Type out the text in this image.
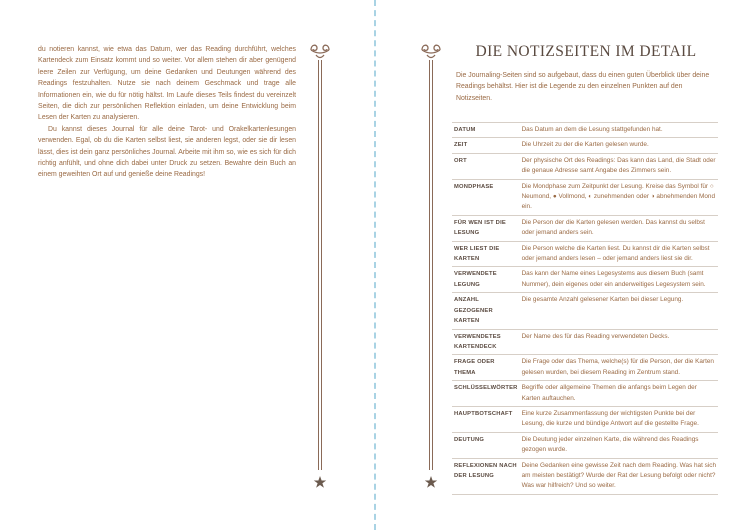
du notieren kannst, wie etwa das Datum, wer das Reading durchführt, welches Kartendeck zum Einsatz kommt und so weiter. Vor allem stehen dir aber genügend leere Zeilen zur Verfügung, um deine Gedanken und Deutungen während des Readings festzuhalten. Nutze sie nach deinem Geschmack und trage alle Informationen ein, wie du für nötig hältst. Im Laufe dieses Teils findest du vereinzelt Seiten, die dich zur persönlichen Reflektion einladen, um deine Entwicklung beim Lesen der Karten zu analysieren.

Du kannst dieses Journal für alle deine Tarot- und Orakelkartenlesungen verwenden. Egal, ob du die Karten selbst liest, sie anderen legst, oder sie dir lesen lässt, dies ist dein ganz persönliches Journal. Arbeite mit ihm so, wie es sich für dich richtig anfühlt, und ohne dich dabei unter Druck zu setzen. Bewahre dein Buch an einem geweihten Ort auf und genieße deine Readings!

DIE NOTIZSEITEN IM DETAIL
Die Journaling-Seiten sind so aufgebaut, dass du einen guten Überblick über deine Readings behältst. Hier ist die Legende zu den einzelnen Punkten auf den Notizseiten.
DATUM	Das Datum an dem die Lesung stattgefunden hat.
ZEIT	Die Uhrzeit zu der die Karten gelesen wurde.
ORT	Der physische Ort des Readings: Das kann das Land, die Stadt oder die genaue Adresse samt Angabe des Zimmers sein.
MONDPHASE	Die Mondphase zum Zeitpunkt der Lesung. Kreise das Symbol für ○ Neumond, ● Vollmond, ◐ zunehmenden oder ◑ abnehmenden Mond ein.
FÜR WEN IST DIE LESUNG	Die Person der die Karten gelesen werden. Das kannst du selbst oder jemand anders sein.
WER LIEST DIE KARTEN	Die Person welche die Karten liest. Du kannst dir die Karten selbst oder jemand anders lesen – oder jemand anders liest sie dir.
VERWENDETE LEGUNG	Das kann der Name eines Legesystems aus diesem Buch (samt Nummer), dein eigenes oder ein anderweitiges Legesystem sein.
ANZAHL GEZOGENER KARTEN	Die gesamte Anzahl gelesener Karten bei dieser Legung.
VERWENDETES KARTENDECK	Der Name des für das Reading verwendeten Decks.
FRAGE ODER THEMA	Die Frage oder das Thema, welche(s) für die Person, der die Karten gelesen wurden, bei diesem Reading im Zentrum stand.
SCHLÜSSELWÖRTER	Begriffe oder allgemeine Themen die anfangs beim Legen der Karten auftauchen.
HAUPTBOTSCHAFT	Eine kurze Zusammenfassung der wichtigsten Punkte bei der Lesung, die kurze und bündige Antwort auf die gestellte Frage.
DEUTUNG	Die Deutung jeder einzelnen Karte, die während des Readings gezogen wurde.
REFLEXIONEN NACH DER LESUNG	Deine Gedanken eine gewisse Zeit nach dem Reading. Was hat sich am meisten bestätigt? Wurde der Rat der Lesung befolgt oder nicht? Was war hilfreich? Und so weiter.
